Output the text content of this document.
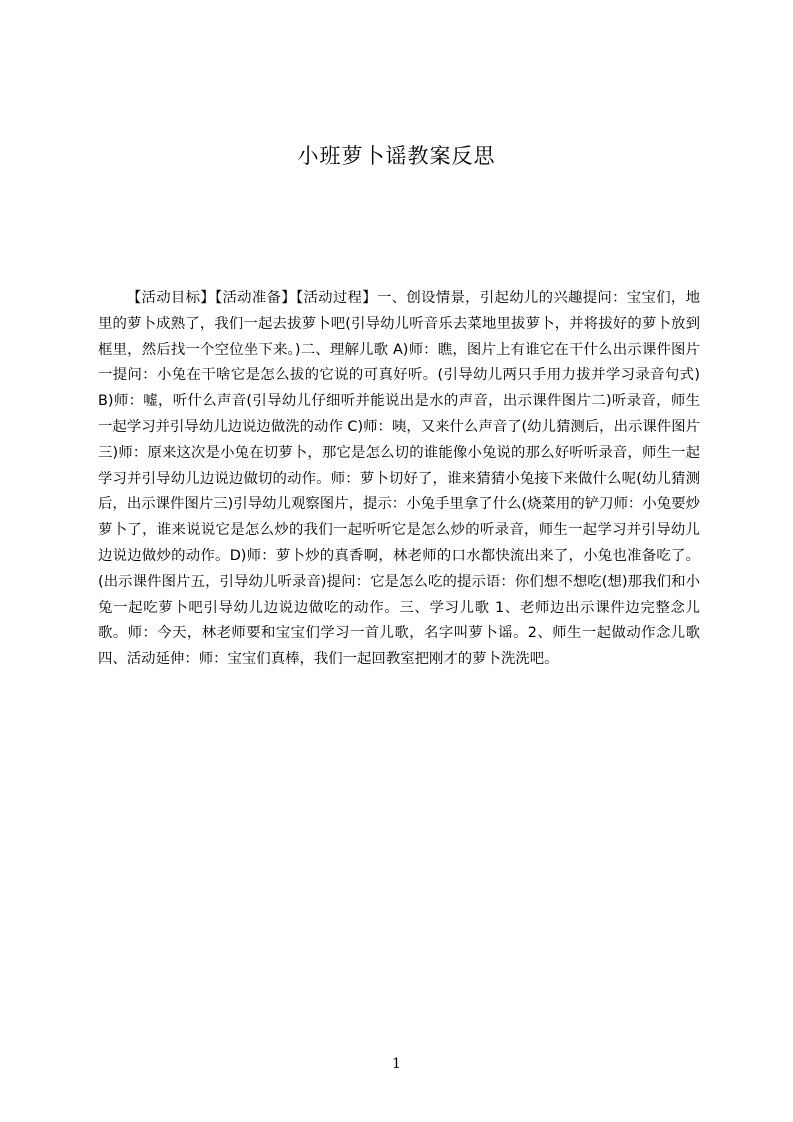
小班萝卜谣教案反思

【活动目标】【活动准备】【活动过程】一、创设情景，引起幼儿的兴趣提问：宝宝们，地里的萝卜成熟了，我们一起去拔萝卜吧(引导幼儿听音乐去菜地里拔萝卜，并将拔好的萝卜放到框里，然后找一个空位坐下来。)二、理解儿歌 A)师：瞧，图片上有谁它在干什么出示课件图片一提问：小兔在干啥它是怎么拔的它说的可真好听。(引导幼儿两只手用力拔并学习录音句式)B)师：嘘，听什么声音(引导幼儿仔细听并能说出是水的声音，出示课件图片二)听录音，师生一起学习并引导幼儿边说边做洗的动作 C)师：咦，又来什么声音了(幼儿猜测后，出示课件图片三)师：原来这次是小兔在切萝卜，那它是怎么切的谁能像小兔说的那么好听听录音，师生一起学习并引导幼儿边说边做切的动作。师：萝卜切好了，谁来猜猜小兔接下来做什么呢(幼儿猜测后，出示课件图片三)引导幼儿观察图片，提示：小兔手里拿了什么(烧菜用的铲刀师：小兔要炒萝卜了，谁来说说它是怎么炒的我们一起听听它是怎么炒的听录音，师生一起学习并引导幼儿边说边做炒的动作。D)师：萝卜炒的真香啊，林老师的口水都快流出来了，小兔也准备吃了。(出示课件图片五，引导幼儿听录音)提问：它是怎么吃的提示语：你们想不想吃(想)那我们和小兔一起吃萝卜吧引导幼儿边说边做吃的动作。三、学习儿歌 1、老师边出示课件边完整念儿歌。师：今天，林老师要和宝宝们学习一首儿歌，名字叫萝卜谣。2、师生一起做动作念儿歌四、活动延伸：师：宝宝们真棒，我们一起回教室把刚才的萝卜洗洗吧。

1
